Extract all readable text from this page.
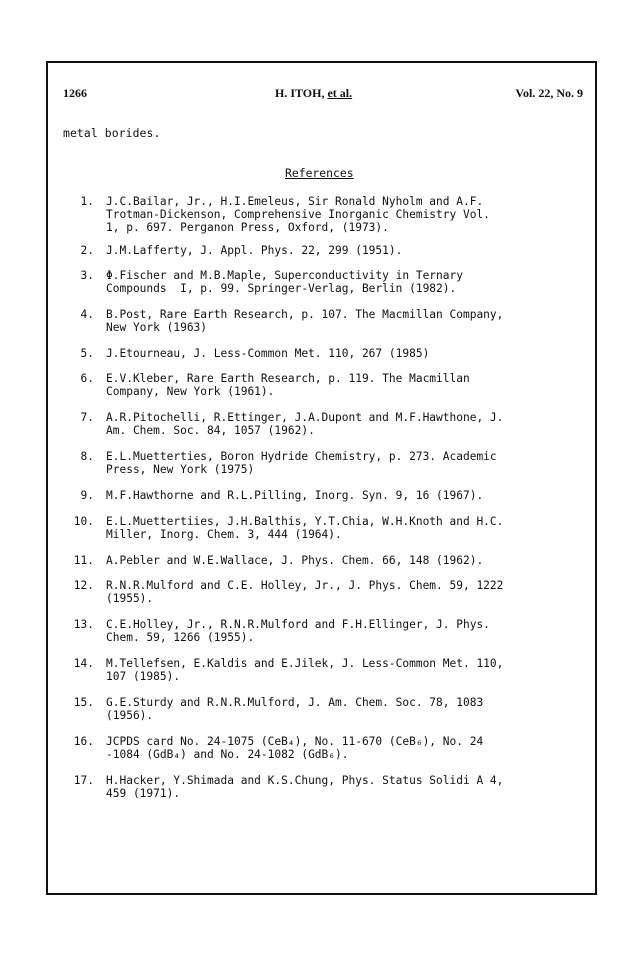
1266	H. ITOH, et al.	Vol. 22, No. 9
metal borides.
References
1. J.C.Bailar, Jr., H.I.Emeleus, Sir Ronald Nyholm and A.F.
Trotman-Dickenson, Comprehensive Inorganic Chemistry Vol.
1, p. 697. Perganon Press, Oxford, (1973).
2. J.M.Lafferty, J. Appl. Phys. 22, 299 (1951).
3. Φ.Fischer and M.B.Maple, Superconductivity in Ternary
Compounds  I, p. 99. Springer-Verlag, Berlin (1982).
4. B.Post, Rare Earth Research, p. 107. The Macmillan Company,
New York (1963)
5. J.Etourneau, J. Less-Common Met. 110, 267 (1985)
6. E.V.Kleber, Rare Earth Research, p. 119. The Macmillan
Company, New York (1961).
7. A.R.Pitochelli, R.Ettinger, J.A.Dupont and M.F.Hawthone, J.
Am. Chem. Soc. 84, 1057 (1962).
8. E.L.Muetterties, Boron Hydride Chemistry, p. 273. Academic
Press, New York (1975)
9. M.F.Hawthorne and R.L.Pilling, Inorg. Syn. 9, 16 (1967).
10. E.L.Muettertiies, J.H.Balthis, Y.T.Chia, W.H.Knoth and H.C.
Miller, Inorg. Chem. 3, 444 (1964).
11. A.Pebler and W.E.Wallace, J. Phys. Chem. 66, 148 (1962).
12. R.N.R.Mulford and C.E. Holley, Jr., J. Phys. Chem. 59, 1222
(1955).
13. C.E.Holley, Jr., R.N.R.Mulford and F.H.Ellinger, J. Phys.
Chem. 59, 1266 (1955).
14. M.Tellefsen, E.Kaldis and E.Jilek, J. Less-Common Met. 110,
107 (1985).
15. G.E.Sturdy and R.N.R.Mulford, J. Am. Chem. Soc. 78, 1083
(1956).
16. JCPDS card No. 24-1075 (CeB₄), No. 11-670 (CeB₆), No. 24
-1084 (GdB₄) and No. 24-1082 (GdB₆).
17. H.Hacker, Y.Shimada and K.S.Chung, Phys. Status Solidi A 4,
459 (1971).
